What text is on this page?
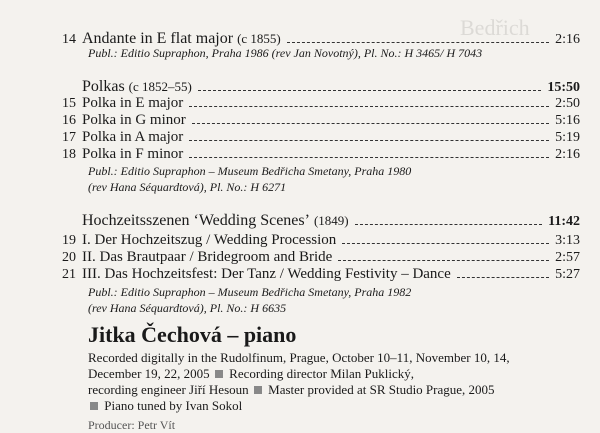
Bedřich
14 Andante in E flat major (c 1855)	2:16
Publ.: Editio Supraphon, Praha 1986 (rev Jan Novotný), Pl. No.: H 3465/ H 7043
Polkas (c 1852–55)	15:50
15 Polka in E major	2:50
16 Polka in G minor	5:16
17 Polka in A major	5:19
18 Polka in F minor	2:16
Publ.: Editio Supraphon – Museum Bedřicha Smetany, Praha 1980
(rev Hana Séquardtová), Pl. No.: H 6271
Hochzeitsszenen ‘Wedding Scenes’ (1849)	11:42
19 I. Der Hochzeitszug / Wedding Procession	3:13
20 II. Das Brautpaar / Bridegroom and Bride	2:57
21 III. Das Hochzeitsfest: Der Tanz / Wedding Festivity – Dance	5:27
Publ.: Editio Supraphon – Museum Bedřicha Smetany, Praha 1982
(rev Hana Séquardtová), Pl. No.: H 6635
Jitka Čechová – piano
Recorded digitally in the Rudolfinum, Prague, October 10–11, November 10, 14,
December 19, 22, 2005 Recording director Milan Puklický,
recording engineer Jiří Hesoun Master provided at SR Studio Prague, 2005
Piano tuned by Ivan Sokol
Producer: Petr Vít
